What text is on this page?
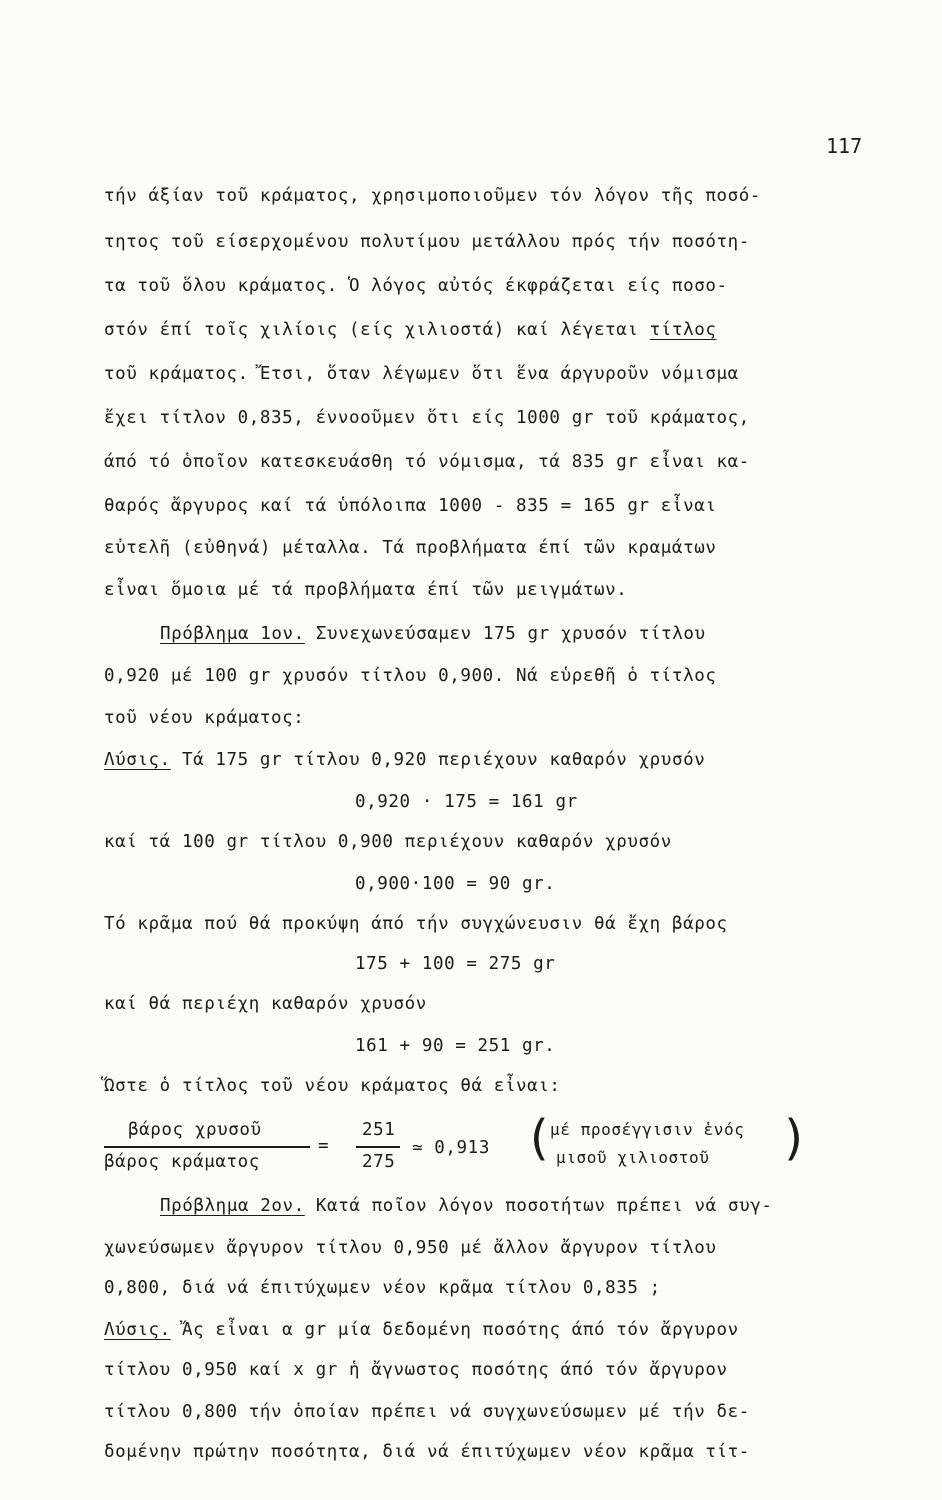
117
τήν άξίαν τοῦ κράματος, χρησιμοποιοῦμεν τόν λόγον τῆς ποσό-
τητος τοῦ είσερχομένου πολυτίμου μετάλλου πρός τήν ποσότη-
τα τοῦ ὅλου κράματος. Ὁ λόγος αὐτός έκφράζεται είς ποσο-
στόν έπί τοῖς χιλίοις (είς χιλιοστά) καί λέγεται τίτλος
τοῦ κράματος. Ἔτσι, ὅταν λέγωμεν ὅτι ἕνα άργυροῦν νόμισμα
ἔχει τίτλον 0,835, έννοοῦμεν ὅτι είς 1000 gr τοῦ κράματος,
άπό τό ὁποῖον κατεσκευάσθη τό νόμισμα, τά 835 gr εἶναι κα-
θαρός ἄργυρος καί τά ὑπόλοιπα 1000 - 835 = 165 gr εἶναι
εὐτελῆ (εὐθηνά) μέταλλα. Τά προβλήματα έπί τῶν κραμάτων
εἶναι ὅμοια μέ τά προβλήματα έπί τῶν μειγμάτων.
Πρόβλημα 1ον. Συνεχωνεύσαμεν 175 gr χρυσόν τίτλου
0,920 μέ 100 gr χρυσόν τίτλου 0,900. Νά εὑρεθῆ ὁ τίτλος
τοῦ νέου κράματος:
Λύσις. Τά 175 gr τίτλου 0,920 περιέχουν καθαρόν χρυσόν
0,920 · 175 = 161 gr
καί τά 100 gr τίτλου 0,900 περιέχουν καθαρόν χρυσόν
0,900·100 = 90 gr.
Τό κρᾶμα πού θά προκύψη άπό τήν συγχώνευσιν θά ἔχη βάρος
175 + 100 = 275 gr
καί θά περιέχη καθαρόν χρυσόν
161 + 90 = 251 gr.
Ὥστε ὁ τίτλος τοῦ νέου κράματος θά εἶναι:
βάρος χρυσοῦ
βάρος κράματος
=
251
275
≃ 0,913 (
μέ προσέγγισιν ἑνός
μισοῦ χιλιοστοῦ )
Πρόβλημα 2ον. Κατά ποῖον λόγον ποσοτήτων πρέπει νά συγ-
χωνεύσωμεν ἄργυρον τίτλου 0,950 μέ ἄλλον ἄργυρον τίτλου
0,800, διά νά έπιτύχωμεν νέον κρᾶμα τίτλου 0,835 ;
Λύσις. Ἄς εἶναι α gr μία δεδομένη ποσότης άπό τόν ἄργυρον
τίτλου 0,950 καί x gr ἡ ἄγνωστος ποσότης άπό τόν ἄργυρον
τίτλου 0,800 τήν ὁποίαν πρέπει νά συγχωνεύσωμεν μέ τήν δε-
δομένην πρώτην ποσότητα, διά νά έπιτύχωμεν νέον κρᾶμα τίτ-
